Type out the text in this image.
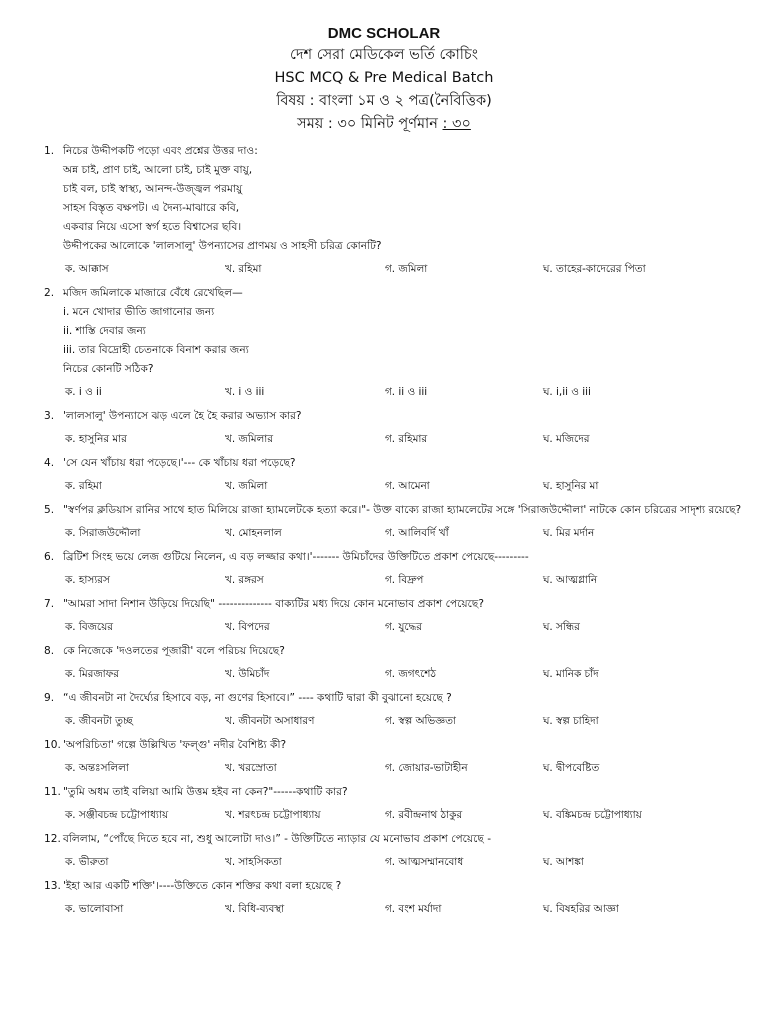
DMC SCHOLAR
দেশ সেরা মেডিকেল ভর্তি কোচিং
HSC MCQ & Pre Medical Batch
বিষয় : বাংলা ১ম ও ২ পত্র(নৈবিত্তিক)
সময় : ৩০ মিনিট পূর্ণমান : ৩০
1. নিচের উদ্দীপকটি পড়ো এবং প্রশ্নের উত্তর দাও:
অন্ন চাই, প্রাণ চাই, আলো চাই, চাই মুক্ত বায়ু,
চাই বল, চাই স্বাস্থ্য, আনন্দ-উজ্জ্বল পরমায়ু
সাহস বিস্তৃত বক্ষপট। এ দৈন্য-মাঝারে কবি,
একবার নিয়ে এসো স্বর্গ হতে বিশ্বাসের ছবি।
উদ্দীপকের আলোকে 'লালসালু' উপন্যাসের প্রাণময় ও সাহসী চরিত্র কোনটি?
ক. আক্কাস	খ. রহিমা	গ. জমিলা	ঘ. তাহের-কাদেরের পিতা
2. মজিদ জমিলাকে মাজারে বেঁধে রেখেছিল—
i. মনে খোদার ভীতি জাগানোর জন্য
ii. শাস্তি দেবার জন্য
iii. তার বিদ্রোহী চেতনাকে বিনাশ করার জন্য
নিচের কোনটি সঠিক?
ক. i ও ii	খ. i ও iii	গ. ii ও iii	ঘ. i,ii ও iii
3. 'লালসালু' উপন্যাসে ঝড় এলে হৈ হৈ করার অভ্যাস কার?
ক. হাসুনির মার	খ. জমিলার	গ. রহিমার	ঘ. মজিদের
4. 'সে যেন খাঁচায় ধরা পড়েছে।'--- কে খাঁচায় ধরা পড়েছে?
ক. রহিমা	খ. জমিলা	গ. আমেনা	ঘ. হাসুনির মা
5. "স্বর্ণপর ক্লডিয়াস রানির সাথে হাত মিলিয়ে রাজা হ্যামলেটকে হত্যা করে।"- উক্ত বাক্যে রাজা হ্যামলেটের সঙ্গে 'সিরাজউদ্দৌলা' নাটকে কোন চরিত্রের সাদৃশ্য রয়েছে?
ক. সিরাজউদ্দৌলা	খ. মোহনলাল	গ. আলিবর্দি খাঁ	ঘ. মির মর্দান
6. ব্রিটিশ সিংহ ভয়ে লেজ গুটিয়ে নিলেন, এ বড় লজ্জার কথা।'------- উমিচাঁদের উক্তিটিতে প্রকাশ পেয়েছে---------
ক. হাস্যরস	খ. রঙ্গরস	গ. বিদ্রুপ	ঘ. আত্মগ্লানি
7. "আমরা সাদা নিশান উড়িয়ে দিয়েছি" -------------- বাক্যটির মধ্য দিয়ে কোন মনোভাব প্রকাশ পেয়েছে?
ক. বিজয়ের	খ. বিপদের	গ. যুদ্ধের	ঘ. সন্ধির
8. কে নিজেকে 'দওলতের পূজারী' বলে পরিচয় দিয়েছে?
ক. মিরজাফর	খ. উমিচাঁদ	গ. জগৎশেঠ	ঘ. মানিক চাঁদ
9. “এ জীবনটা না দৈর্ঘ্যের হিসাবে বড়, না গুণের হিসাবে।” ---- কথাটি দ্বারা কী বুঝানো হয়েছে ?
ক. জীবনটা তুচ্ছ	খ. জীবনটা অসাধারণ	গ. স্বল্প অভিজ্ঞতা	ঘ. স্বল্প চাহিদা
10. 'অপরিচিতা' গল্পে উল্লিখিত 'ফল্গু' নদীর বৈশিষ্ট্য কী?
ক. অন্তঃসলিলা	খ. খরস্রোতা	গ. জোয়ার-ভাটাহীন	ঘ. দ্বীপবেষ্টিত
11. "তুমি অধম তাই বলিয়া আমি উত্তম হইব না কেন?"------কথাটি কার?
ক. সঞ্জীবচন্দ্র চট্টোপাধ্যায়	খ. শরৎচন্দ্র চট্টোপাধ্যায়	গ. রবীন্দ্রনাথ ঠাকুর	ঘ. বঙ্কিমচন্দ্র চট্টোপাধ্যায়
12. বলিলাম, “পোঁছে দিতে হবে না, শুধু আলোটা দাও।” - উক্তিটিতে ন্যাড়ার যে মনোভাব প্রকাশ পেয়েছে -
ক. ভীরুতা	খ. সাহসিকতা	গ. আত্মসম্মানবোধ	ঘ. আশঙ্কা
13. 'ইহা আর একটি শক্তি'।----উক্তিতে কোন শক্তির কথা বলা হয়েছে ?
ক. ভালোবাসা	খ. বিধি-ব্যবস্থা	গ. বংশ মর্যাদা	ঘ. বিষহরির আজ্ঞা
